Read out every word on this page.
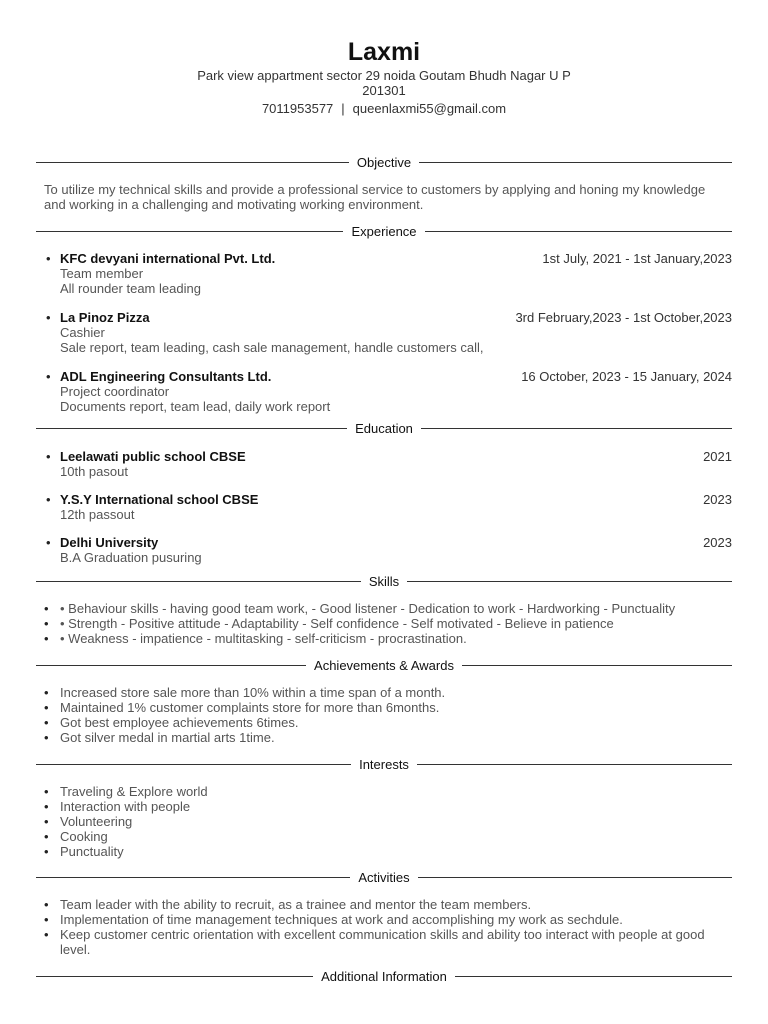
Laxmi
Park view appartment sector 29 noida Goutam Bhudh Nagar U P
201301
7011953577 | queenlaxmi55@gmail.com
Objective
To utilize my technical skills and provide a professional service to customers by applying and honing my knowledge and working in a challenging and motivating working environment.
Experience
• KFC devyani international Pvt. Ltd.	1st July, 2021 - 1st January,2023
Team member
All rounder team leading
• La Pinoz Pizza	3rd February,2023 - 1st October,2023
Cashier
Sale report, team leading, cash sale management, handle customers call,
• ADL Engineering Consultants Ltd.	16 October, 2023 - 15 January, 2024
Project coordinator
Documents report, team lead, daily work report
Education
• Leelawati public school CBSE	2021
10th pasout
• Y.S.Y International school CBSE	2023
12th passout
• Delhi University	2023
B.A Graduation pusuring
Skills
• • Behaviour skills - having good team work, - Good listener - Dedication to work - Hardworking - Punctuality
• • Strength - Positive attitude - Adaptability - Self confidence - Self motivated - Believe in patience
• • Weakness - impatience - multitasking - self-criticism - procrastination.
Achievements & Awards
• Increased store sale more than 10% within a time span of a month.
• Maintained 1% customer complaints store for more than 6months.
• Got best employee achievements 6times.
• Got silver medal in martial arts 1time.
Interests
• Traveling & Explore world
• Interaction with people
• Volunteering
• Cooking
• Punctuality
Activities
• Team leader with the ability to recruit, as a trainee and mentor the team members.
• Implementation of time management techniques at work and accomplishing my work as sechdule.
• Keep customer centric orientation with excellent communication skills and ability too interact with people at good level.
Additional Information
